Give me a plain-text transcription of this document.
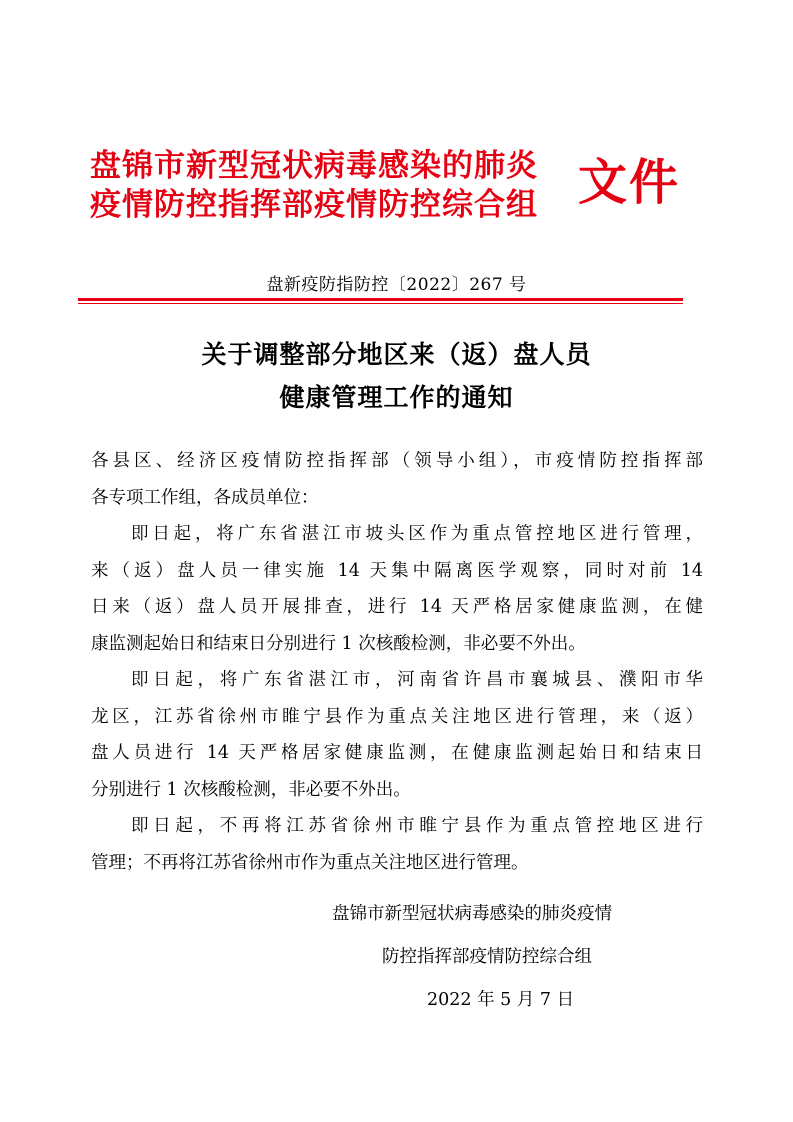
盘锦市新型冠状病毒感染的肺炎
疫情防控指挥部疫情防控综合组 文件
盘新疫防指防控〔2022〕267 号
关于调整部分地区来（返）盘人员
健康管理工作的通知
各县区、经济区疫情防控指挥部（领导小组），市疫情防控指挥部
各专项工作组，各成员单位：
即日起，将广东省湛江市坡头区作为重点管控地区进行管理，
来（返）盘人员一律实施 14 天集中隔离医学观察，同时对前 14
日来（返）盘人员开展排查，进行 14 天严格居家健康监测，在健
康监测起始日和结束日分别进行 1 次核酸检测，非必要不外出。
即日起，将广东省湛江市，河南省许昌市襄城县、濮阳市华
龙区，江苏省徐州市睢宁县作为重点关注地区进行管理，来（返）
盘人员进行 14 天严格居家健康监测，在健康监测起始日和结束日
分别进行 1 次核酸检测，非必要不外出。
即日起，不再将江苏省徐州市睢宁县作为重点管控地区进行
管理；不再将江苏省徐州市作为重点关注地区进行管理。
盘锦市新型冠状病毒感染的肺炎疫情
防控指挥部疫情防控综合组
2022 年 5 月 7 日
